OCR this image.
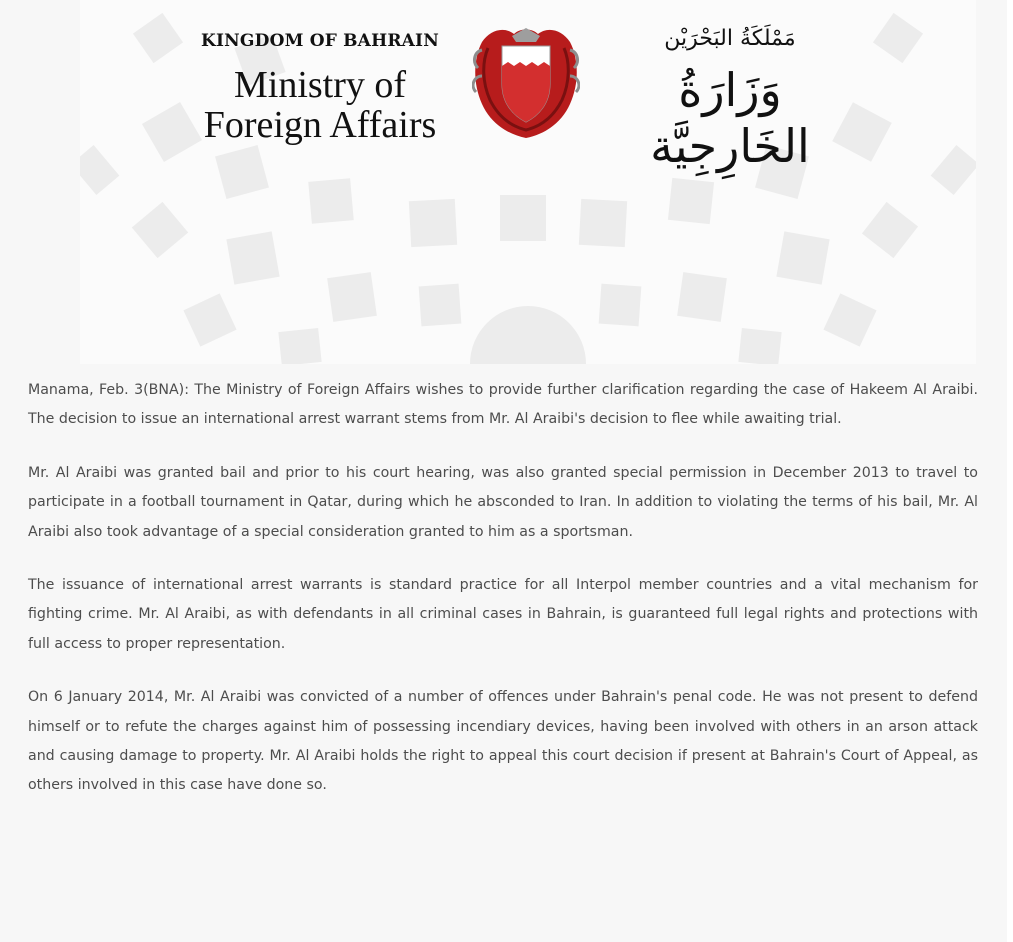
KINGDOM OF BAHRAIN
Ministry of
Foreign Affairs
مَمْلَكَةُ البَحْرَيْن
وَزَارَةُ الخَارِجِيَّة

Manama, Feb. 3(BNA): The Ministry of Foreign Affairs wishes to provide further clarification regarding the case of Hakeem Al Araibi. The decision to issue an international arrest warrant stems from Mr. Al Araibi's decision to flee while awaiting trial.

Mr. Al Araibi was granted bail and prior to his court hearing, was also granted special permission in December 2013 to travel to participate in a football tournament in Qatar, during which he absconded to Iran. In addition to violating the terms of his bail, Mr. Al Araibi also took advantage of a special consideration granted to him as a sportsman.

The issuance of international arrest warrants is standard practice for all Interpol member countries and a vital mechanism for fighting crime. Mr. Al Araibi, as with defendants in all criminal cases in Bahrain, is guaranteed full legal rights and protections with full access to proper representation.

On 6 January 2014, Mr. Al Araibi was convicted of a number of offences under Bahrain's penal code. He was not present to defend himself or to refute the charges against him of possessing incendiary devices, having been involved with others in an arson attack and causing damage to property. Mr. Al Araibi holds the right to appeal this court decision if present at Bahrain's Court of Appeal, as others involved in this case have done so.
